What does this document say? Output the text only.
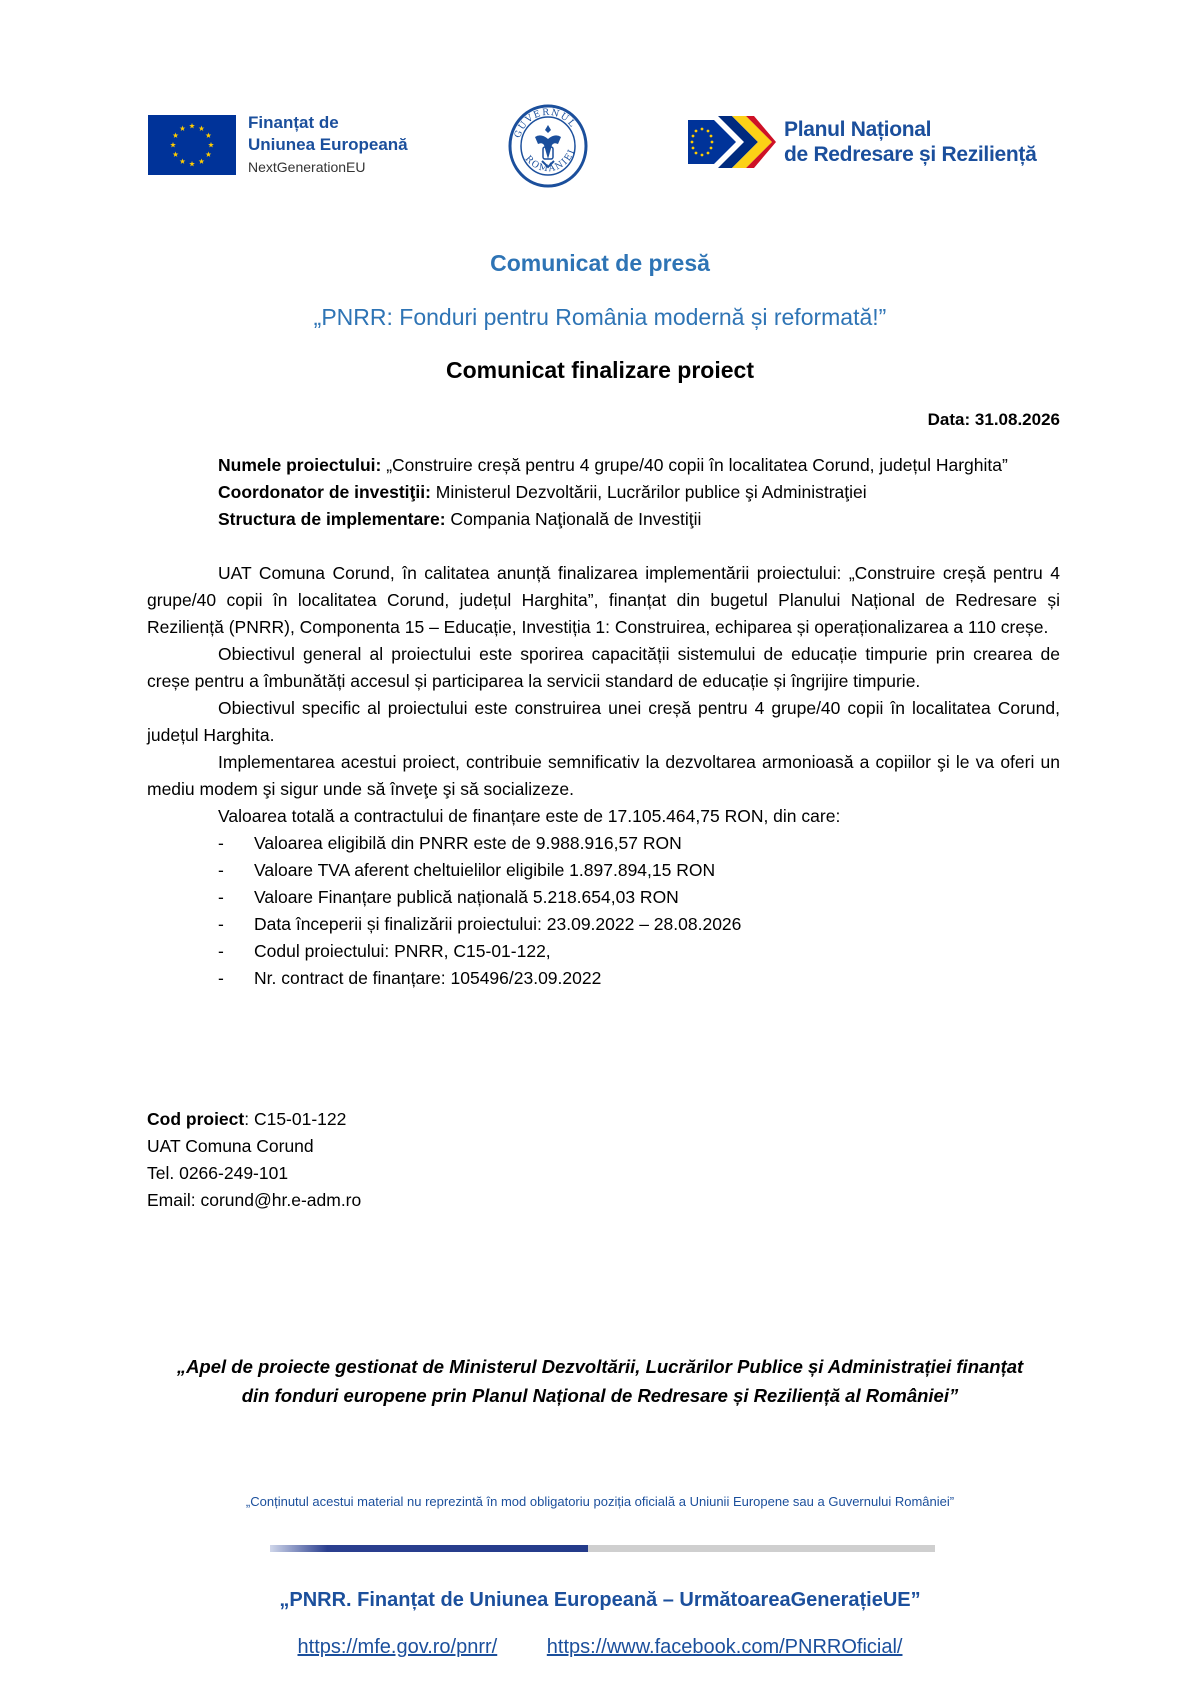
Finanțat de
Uniunea Europeană
NextGenerationEU
GUVERNUL
ROMÂNIEI
Planul Național
de Redresare și Reziliență
Comunicat de presă
„PNRR: Fonduri pentru România modernă și reformată!”
Comunicat finalizare proiect
Data: 31.08.2026

Numele proiectului: „Construire creșă pentru 4 grupe/40 copii în localitatea Corund, județul Harghita”

Coordonator de investiţii: Ministerul Dezvoltării, Lucrărilor publice şi Administraţiei

Structura de implementare: Compania Naţională de Investiţii

UAT Comuna Corund, în calitatea anunță finalizarea implementării proiectului: „Construire creșă pentru 4 grupe/40 copii în localitatea Corund, județul Harghita”, finanțat din bugetul Planului Național de Redresare și Reziliență (PNRR), Componenta 15 – Educație, Investiția 1: Construirea, echiparea și operaționalizarea a 110 creșe.

Obiectivul general al proiectului este sporirea capacității sistemului de educație timpurie prin crearea de creșe pentru a îmbunătăți accesul și participarea la servicii standard de educație și îngrijire timpurie.

Obiectivul specific al proiectului este construirea unei creșă pentru 4 grupe/40 copii în localitatea Corund, județul Harghita.

Implementarea acestui proiect, contribuie semnificativ la dezvoltarea armonioasă a copiilor şi le va oferi un mediu modem şi sigur unde să înveţe şi să socializeze.

Valoarea totală a contractului de finanțare este de 17.105.464,75 RON, din care:

- Valoarea eligibilă din PNRR este de 9.988.916,57 RON
- Valoare TVA aferent cheltuielilor eligibile 1.897.894,15 RON
- Valoare Finanțare publică națională 5.218.654,03 RON
- Data începerii și finalizării proiectului: 23.09.2022 – 28.08.2026
- Codul proiectului: PNRR, C15-01-122,
- Nr. contract de finanțare: 105496/23.09.2022
Cod proiect: C15-01-122
UAT Comuna Corund
Tel. 0266-249-101
Email: corund@hr.e-adm.ro
„Apel de proiecte gestionat de Ministerul Dezvoltării, Lucrărilor Publice și Administrației finanțat
din fonduri europene prin Planul Național de Redresare și Reziliență al României”
„Conținutul acestui material nu reprezintă în mod obligatoriu poziția oficială a Uniunii Europene sau a Guvernului României”
„PNRR. Finanțat de Uniunea Europeană – UrmătoareaGenerațieUE”
https://mfe.gov.ro/pnrr/ https://www.facebook.com/PNRROficial/
